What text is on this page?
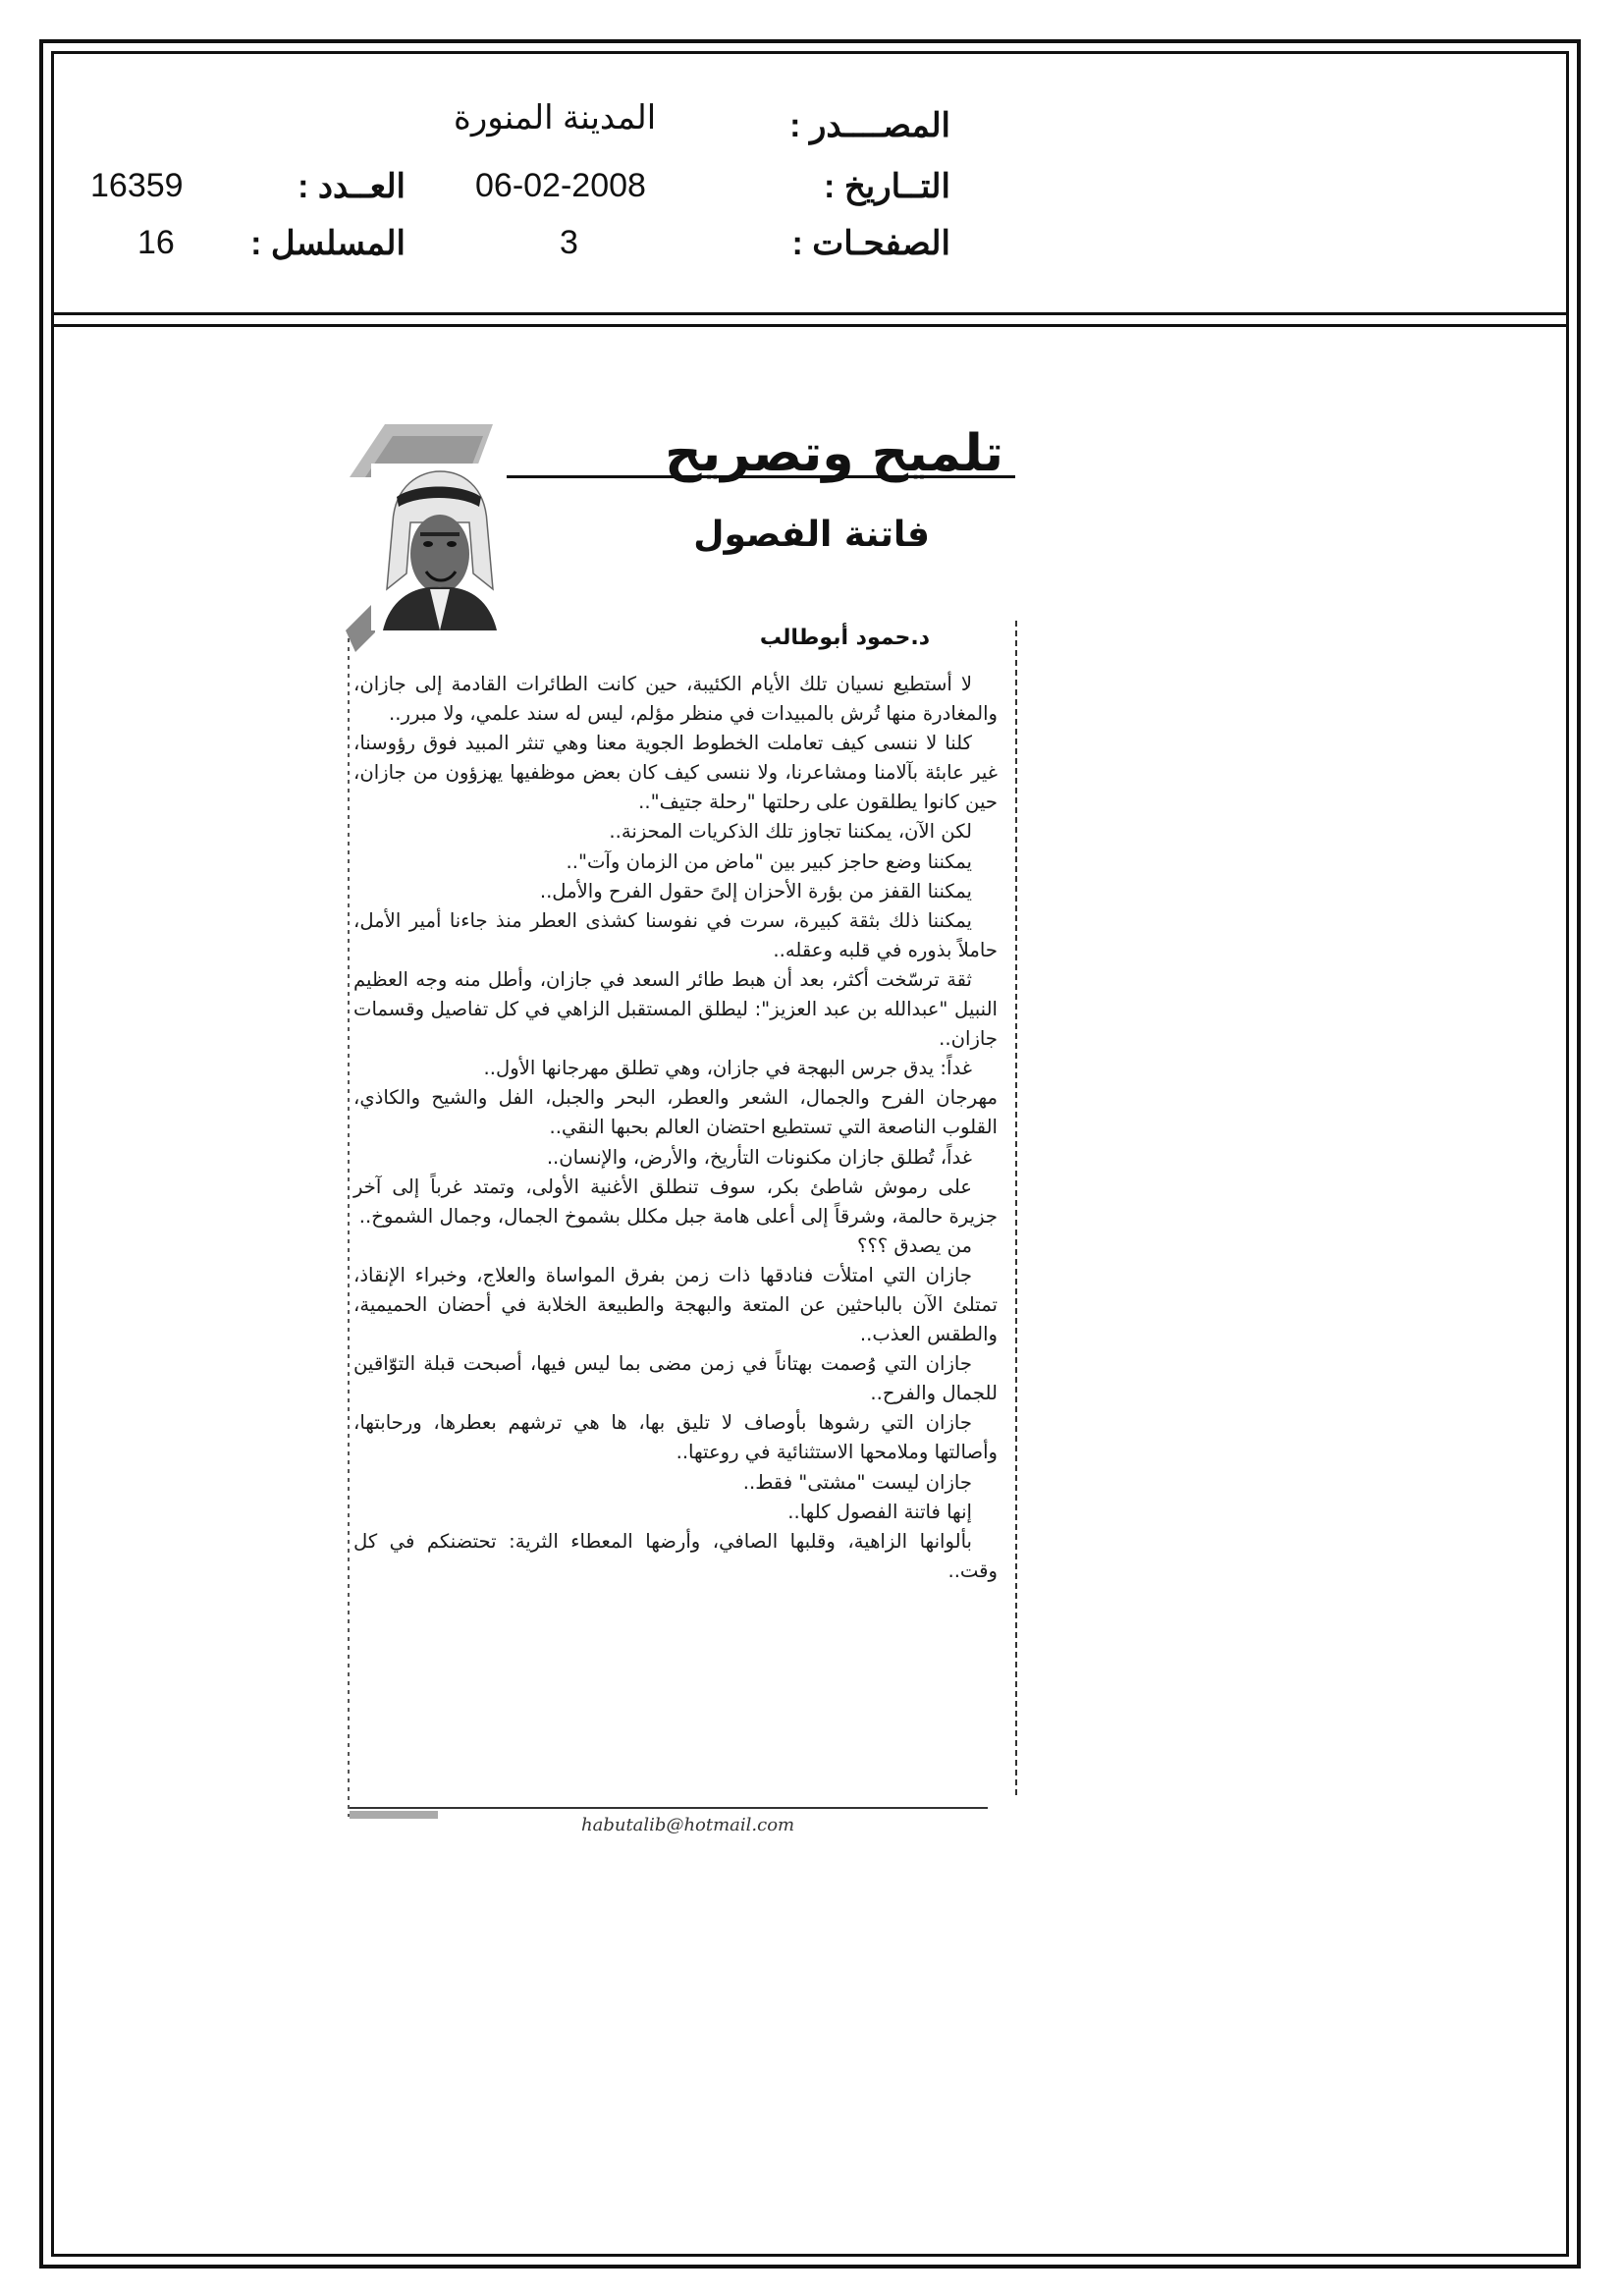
المصــــدر :
المدينة المنورة
التــاريخ :
06-02-2008
العــدد :
16359
الصفحـات :
3
المسلسل :
16
تلميح وتصريح
فاتنة الفصول
د.حمود أبوطالب

لا أستطيع نسيان تلك الأيام الكئيبة، حين كانت الطائرات القادمة إلى جازان، والمغادرة منها تُرش بالمبيدات في منظر مؤلم، ليس له سند علمي، ولا مبرر..

كلنا لا ننسى كيف تعاملت الخطوط الجوية معنا وهي تنثر المبيد فوق رؤوسنا، غير عابئة بآلامنا ومشاعرنا، ولا ننسى كيف كان بعض موظفيها يهزؤون من جازان، حين كانوا يطلقون على رحلتها "رحلة جتيف"..

لكن الآن، يمكننا تجاوز تلك الذكريات المحزنة..

يمكننا وضع حاجز كبير بين "ماض من الزمان وآت"..

يمكننا القفز من بؤرة الأحزان إلىً حقول الفرح والأمل..

يمكننا ذلك بثقة كبيرة، سرت في نفوسنا كشذى العطر منذ جاءنا أمير الأمل، حاملاً بذوره في قلبه وعقله..

ثقة ترسّخت أكثر، بعد أن هبط طائر السعد في جازان، وأطل منه وجه العظيم النبيل "عبدالله بن عبد العزيز": ليطلق المستقبل الزاهي في كل تفاصيل وقسمات جازان..

غداً: يدق جرس البهجة في جازان، وهي تطلق مهرجانها الأول..

مهرجان الفرح والجمال، الشعر والعطر، البحر والجبل، الفل والشيح والكاذي، القلوب الناصعة التي تستطيع احتضان العالم بحبها النقي..

غداً، تُطلق جازان مكنونات التأريخ، والأرض، والإنسان..

على رموش شاطئ بكر، سوف تنطلق الأغنية الأولى، وتمتد غرباً إلى آخر جزيرة حالمة، وشرقاً إلى أعلى هامة جبل مكلل بشموخ الجمال، وجمال الشموخ..

من يصدق ؟؟؟

جازان التي امتلأت فنادقها ذات زمن بفرق المواساة والعلاج، وخبراء الإنقاذ، تمتلئ الآن بالباحثين عن المتعة والبهجة والطبيعة الخلابة في أحضان الحميمية، والطقس العذب..

جازان التي وُصمت بهتاناً في زمن مضى بما ليس فيها، أصبحت قبلة التوّاقين للجمال والفرح..

جازان التي رشوها بأوصاف لا تليق بها، ها هي ترشهم بعطرها، ورحابتها، وأصالتها وملامحها الاستثنائية في روعتها..

جازان ليست "مشتى" فقط..

إنها فاتنة الفصول كلها..

بألوانها الزاهية، وقلبها الصافي، وأرضها المعطاء الثرية: تحتضنكم في كل وقت..

habutalib@hotmail.com
